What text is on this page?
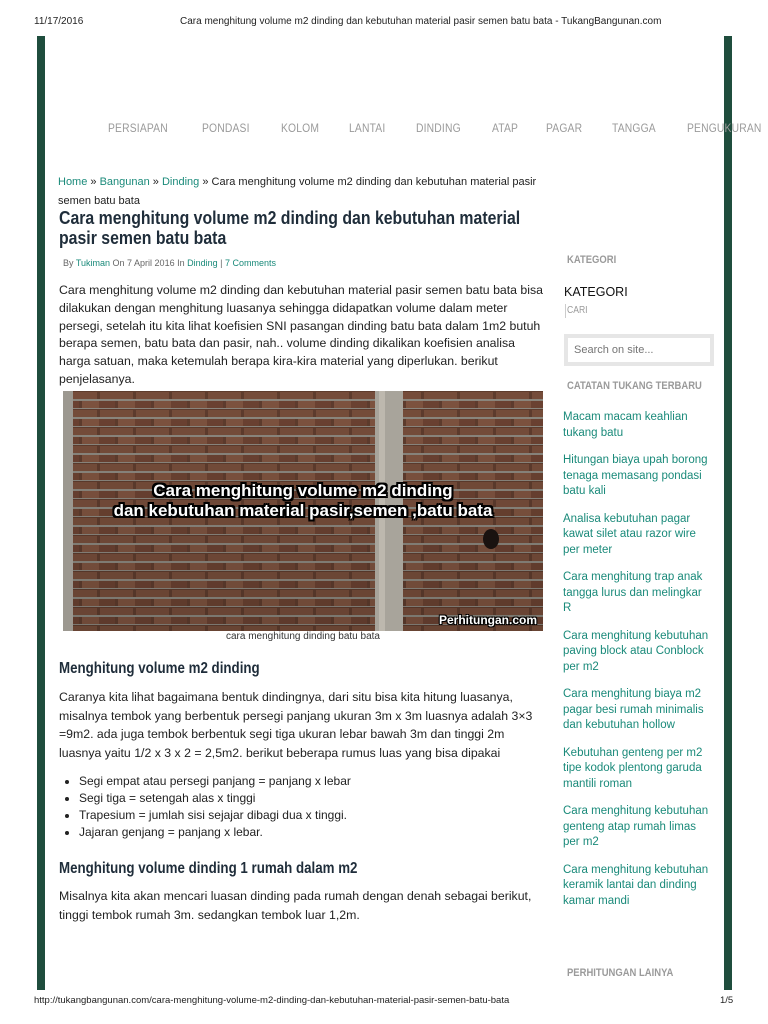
11/17/2016	Cara menghitung volume m2 dinding dan kebutuhan material pasir semen batu bata - TukangBangunan.com
PERSIAPAN	PONDASI	KOLOM	LANTAI DINDING	ATAP PAGAR TANGGA	PENGUKURAN
Home » Bangunan » Dinding » Cara menghitung volume m2 dinding dan kebutuhan material pasir semen batu bata
Cara menghitung volume m2 dinding dan kebutuhan material pasir semen batu bata
By Tukiman On 7 April 2016 In Dinding | 7 Comments

Cara menghitung volume m2 dinding dan kebutuhan material pasir semen batu bata bisa dilakukan dengan menghitung luasanya sehingga didapatkan volume dalam meter persegi, setelah itu kita lihat koefisien SNI pasangan dinding batu bata dalam 1m2 butuh berapa semen, batu bata dan pasir, nah.. volume dinding dikalikan koefisien analisa harga satuan, maka ketemulah berapa kira-kira material yang diperlukan. berikut penjelasanya.

Cara menghitung volume m2 dinding
dan kebutuhan material pasir,semen ,batu bata
Perhitungan.com
cara menghitung dinding batu bata
Menghitung volume m2 dinding

Caranya kita lihat bagaimana bentuk dindingnya, dari situ bisa kita hitung luasanya, misalnya tembok yang berbentuk persegi panjang ukuran 3m x 3m luasnya adalah 3×3 =9m2. ada juga tembok berbentuk segi tiga ukuran lebar bawah 3m dan tinggi 2m luasnya yaitu 1/2 x 3 x 2 = 2,5m2. berikut beberapa rumus luas yang bisa dipakai

• Segi empat atau persegi panjang = panjang x lebar
• Segi tiga = setengah alas x tinggi
• Trapesium = jumlah sisi sejajar dibagi dua x tinggi.
• Jajaran genjang = panjang x lebar.
Menghitung volume dinding 1 rumah dalam m2

Misalnya kita akan mencari luasan dinding pada rumah dengan denah sebagai berikut, tinggi tembok rumah 3m. sedangkan tembok luar 1,2m.

KATEGORI
KATEGORI
CARI
Search on site...
CATATAN TUKANG TERBARU
Macam macam keahlian tukang batu
Hitungan biaya upah borong tenaga memasang pondasi batu kali
Analisa kebutuhan pagar kawat silet atau razor wire per meter
Cara menghitung trap anak tangga lurus dan melingkar R
Cara menghitung kebutuhan paving block atau Conblock per m2
Cara menghitung biaya m2 pagar besi rumah minimalis dan kebutuhan hollow
Kebutuhan genteng per m2 tipe kodok plentong garuda mantili roman
Cara menghitung kebutuhan genteng atap rumah limas per m2
Cara menghitung kebutuhan keramik lantai dan dinding kamar mandi
PERHITUNGAN LAINYA
http://tukangbangunan.com/cara-menghitung-volume-m2-dinding-dan-kebutuhan-material-pasir-semen-batu-bata	1/5
